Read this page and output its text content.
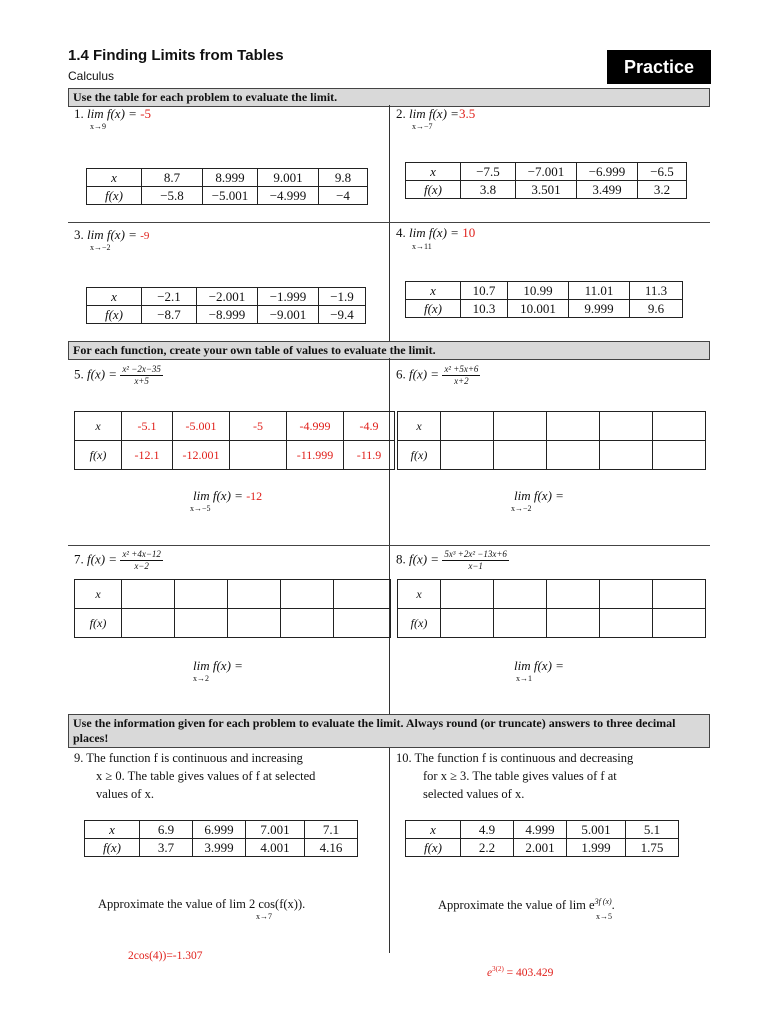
1.4 Finding Limits from Tables
Calculus	Practice
Use the table for each problem to evaluate the limit.
1. lim f(x) = -5
x→9
x	8.7	8.999	9.001	9.8
f(x)	−5.8	−5.001	−4.999	−4
2. lim f(x) =3.5
x→−7
x	−7.5	−7.001	−6.999	−6.5
f(x)	3.8	3.501	3.499	3.2
3. lim f(x) = -9
x→−2
x	−2.1	−2.001	−1.999	−1.9
f(x)	−8.7	−8.999	−9.001	−9.4
4. lim f(x) = 10
x→11
x	10.7	10.99	11.01	11.3
f(x)	10.3	10.001	9.999	9.6
For each function, create your own table of values to evaluate the limit.
5. $f(x) = \frac{\text{x² −2x−35}}{x+5}$
x	-5.1	-5.001	-5	-4.999	-4.9
f(x)	-12.1	-12.001		-11.999	-11.9
lim f(x) = -12
x→−5
6. $f(x) = \frac{\text{x² +5x+6}}{x+2}$
x					
f(x)					
lim f(x) =
x→−2
7. $f(x) = \frac{\text{x² +4x−12}}{x-2}$
x					
f(x)					
lim f(x) =
x→2
8. $f(x) = \frac{\text{5x³ +2x² −13x+6}}{x-1}$
x					
f(x)					
lim f(x) =
x→1
Use the information given for each problem to evaluate the limit. Always round (or truncate) answers to three decimal places!
9. The function f is continuous and increasing
x ≥ 0. The table gives values of f at selected
values of x.
x	6.9	6.999	7.001	7.1
f(x)	3.7	3.999	4.001	4.16
Approximate the value of lim 2 cos(f(x)).
x→7
2cos(4))=-1.307
10. The function f is continuous and decreasing
for x ≥ 3. The table gives values of f at
selected values of x.
x	4.9	4.999	5.001	5.1
f(x)	2.2	2.001	1.999	1.75
Approximate the value of $\lim e^{3f (x)}$.
x→5
$e^{3(2)} = 403.429$
